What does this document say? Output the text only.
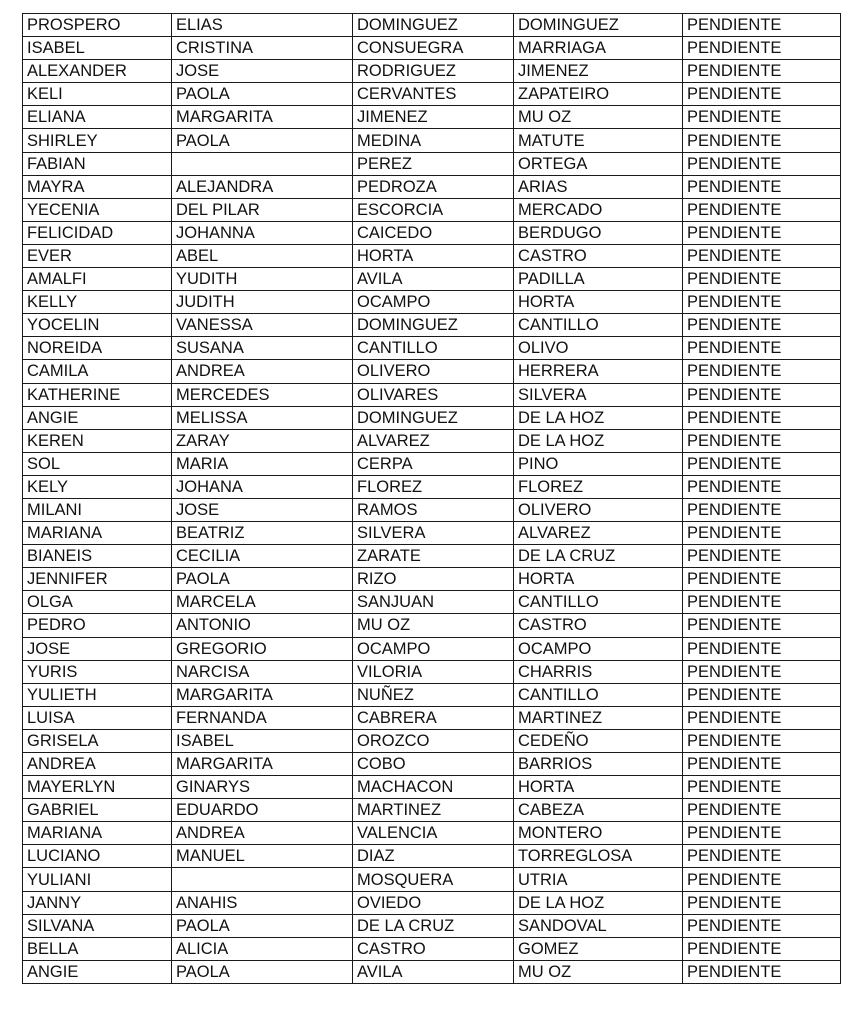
PROSPERO	ELIAS	DOMINGUEZ	DOMINGUEZ	PENDIENTE
ISABEL	CRISTINA	CONSUEGRA	MARRIAGA	PENDIENTE
ALEXANDER	JOSE	RODRIGUEZ	JIMENEZ	PENDIENTE
KELI	PAOLA	CERVANTES	ZAPATEIRO	PENDIENTE
ELIANA	MARGARITA	JIMENEZ	MU OZ	PENDIENTE
SHIRLEY	PAOLA	MEDINA	MATUTE	PENDIENTE
FABIAN		PEREZ	ORTEGA	PENDIENTE
MAYRA	ALEJANDRA	PEDROZA	ARIAS	PENDIENTE
YECENIA	DEL PILAR	ESCORCIA	MERCADO	PENDIENTE
FELICIDAD	JOHANNA	CAICEDO	BERDUGO	PENDIENTE
EVER	ABEL	HORTA	CASTRO	PENDIENTE
AMALFI	YUDITH	AVILA	PADILLA	PENDIENTE
KELLY	JUDITH	OCAMPO	HORTA	PENDIENTE
YOCELIN	VANESSA	DOMINGUEZ	CANTILLO	PENDIENTE
NOREIDA	SUSANA	CANTILLO	OLIVO	PENDIENTE
CAMILA	ANDREA	OLIVERO	HERRERA	PENDIENTE
KATHERINE	MERCEDES	OLIVARES	SILVERA	PENDIENTE
ANGIE	MELISSA	DOMINGUEZ	DE LA HOZ	PENDIENTE
KEREN	ZARAY	ALVAREZ	DE LA HOZ	PENDIENTE
SOL	MARIA	CERPA	PINO	PENDIENTE
KELY	JOHANA	FLOREZ	FLOREZ	PENDIENTE
MILANI	JOSE	RAMOS	OLIVERO	PENDIENTE
MARIANA	BEATRIZ	SILVERA	ALVAREZ	PENDIENTE
BIANEIS	CECILIA	ZARATE	DE LA CRUZ	PENDIENTE
JENNIFER	PAOLA	RIZO	HORTA	PENDIENTE
OLGA	MARCELA	SANJUAN	CANTILLO	PENDIENTE
PEDRO	ANTONIO	MU OZ	CASTRO	PENDIENTE
JOSE	GREGORIO	OCAMPO	OCAMPO	PENDIENTE
YURIS	NARCISA	VILORIA	CHARRIS	PENDIENTE
YULIETH	MARGARITA	NUÑEZ	CANTILLO	PENDIENTE
LUISA	FERNANDA	CABRERA	MARTINEZ	PENDIENTE
GRISELA	ISABEL	OROZCO	CEDEÑO	PENDIENTE
ANDREA	MARGARITA	COBO	BARRIOS	PENDIENTE
MAYERLYN	GINARYS	MACHACON	HORTA	PENDIENTE
GABRIEL	EDUARDO	MARTINEZ	CABEZA	PENDIENTE
MARIANA	ANDREA	VALENCIA	MONTERO	PENDIENTE
LUCIANO	MANUEL	DIAZ	TORREGLOSA	PENDIENTE
YULIANI		MOSQUERA	UTRIA	PENDIENTE
JANNY	ANAHIS	OVIEDO	DE LA HOZ	PENDIENTE
SILVANA	PAOLA	DE LA CRUZ	SANDOVAL	PENDIENTE
BELLA	ALICIA	CASTRO	GOMEZ	PENDIENTE
ANGIE	PAOLA	AVILA	MU OZ	PENDIENTE
